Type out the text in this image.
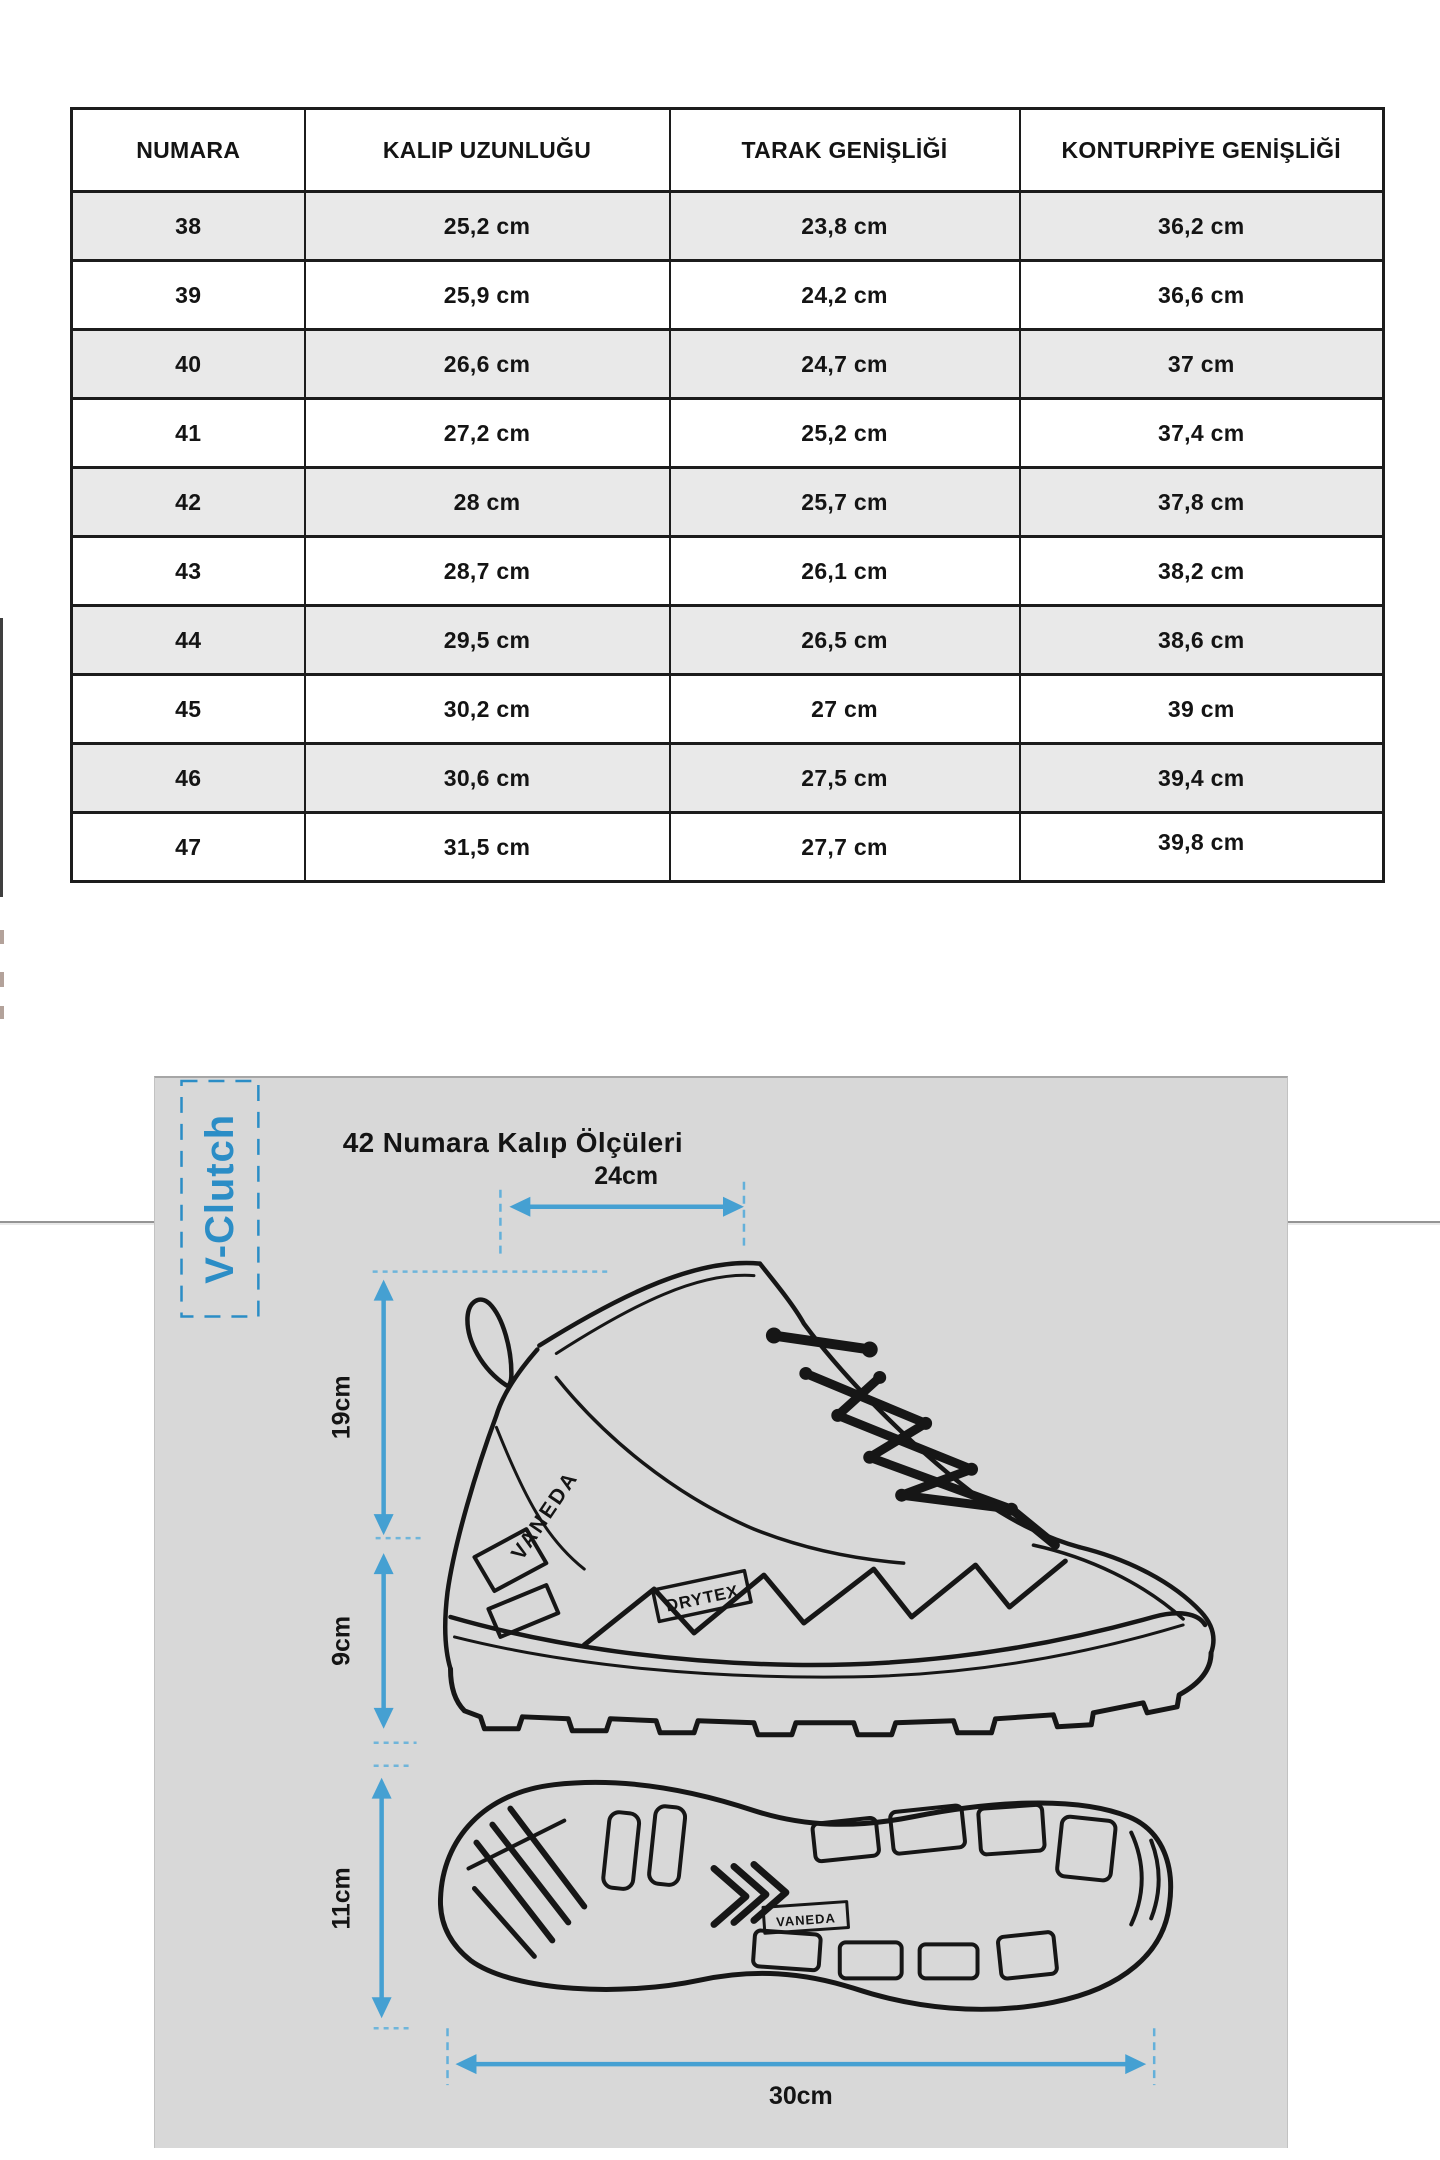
NUMARA	KALIP UZUNLUĞU	TARAK GENİŞLİĞİ	KONTURPİYE GENİŞLİĞİ
38	25,2 cm	23,8 cm	36,2 cm
39	25,9 cm	24,2 cm	36,6 cm
40	26,6 cm	24,7 cm	37 cm
41	27,2 cm	25,2 cm	37,4 cm
42	28 cm	25,7 cm	37,8 cm
43	28,7 cm	26,1 cm	38,2 cm
44	29,5 cm	26,5 cm	38,6 cm
45	30,2 cm	27 cm	39 cm
46	30,6 cm	27,5 cm	39,4 cm
47	31,5 cm	27,7 cm	39,8 cm
V-Clutch	42 Numara Kalıp Ölçüleri
24cm
19cm
9cm
11cm
30cm
VANEDA
DRYTEX
VANEDA
